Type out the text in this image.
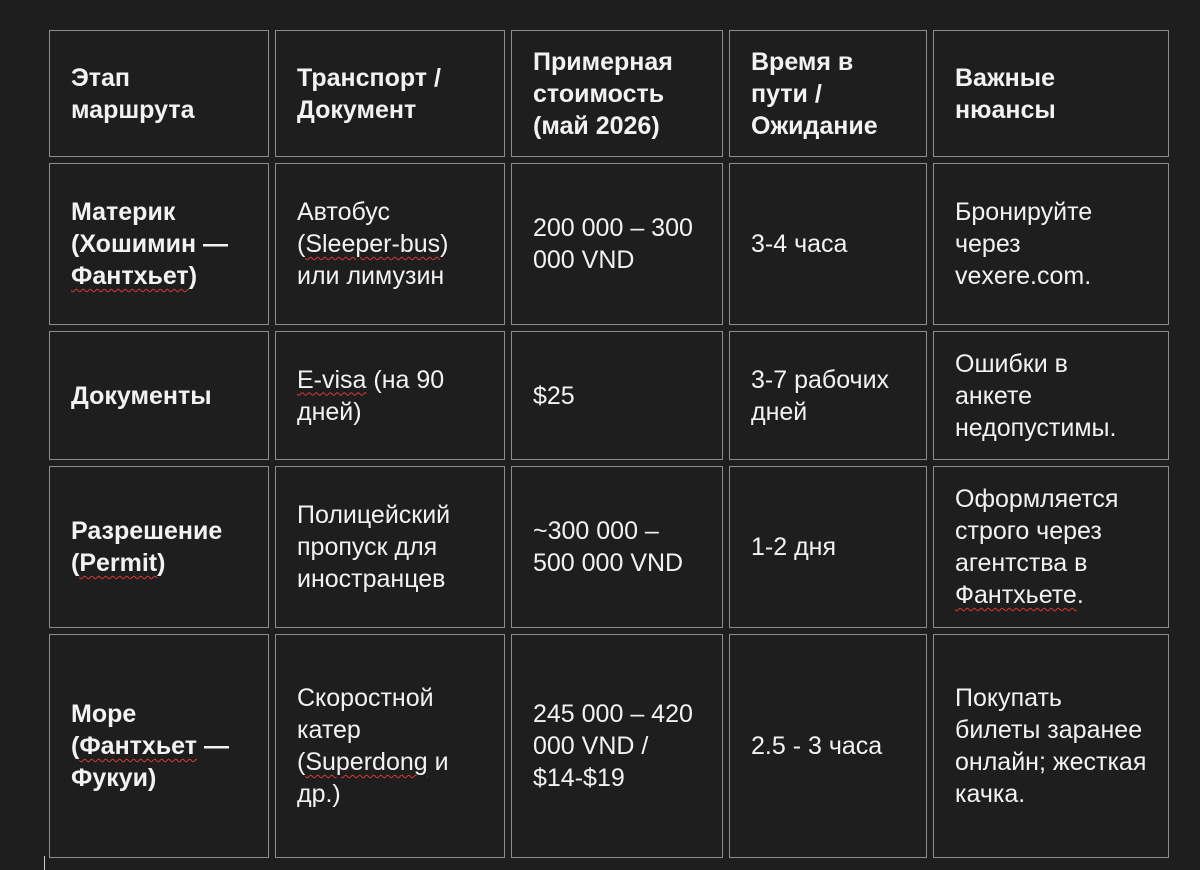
Этап маршрута	Транспорт / Документ	Примерная стоимость (май 2026)	Время в пути / Ожидание	Важные нюансы
Материк (Хошимин —Фантхьет)	Автобус (Sleeper-bus) или лимузин	200 000 – 300 000 VND	3-4 часа	Бронируйте через vexere.com.
Документы	E-visa (на 90 дней)	$25	3-7 рабочих дней	Ошибки в анкете недопустимы.
Разрешение (Permit)	Полицейский пропуск для иностранцев	~300 000 – 500 000 VND	1-2 дня	Оформляется строго через агентства в Фантхьете.
Море (Фантхьет — Фукуи)	Скоростной катер (Superdong и др.)	245 000 – 420 000 VND / $14-$19	2.5 - 3 часа	Покупать билеты заранее онлайн; жесткая качка.
